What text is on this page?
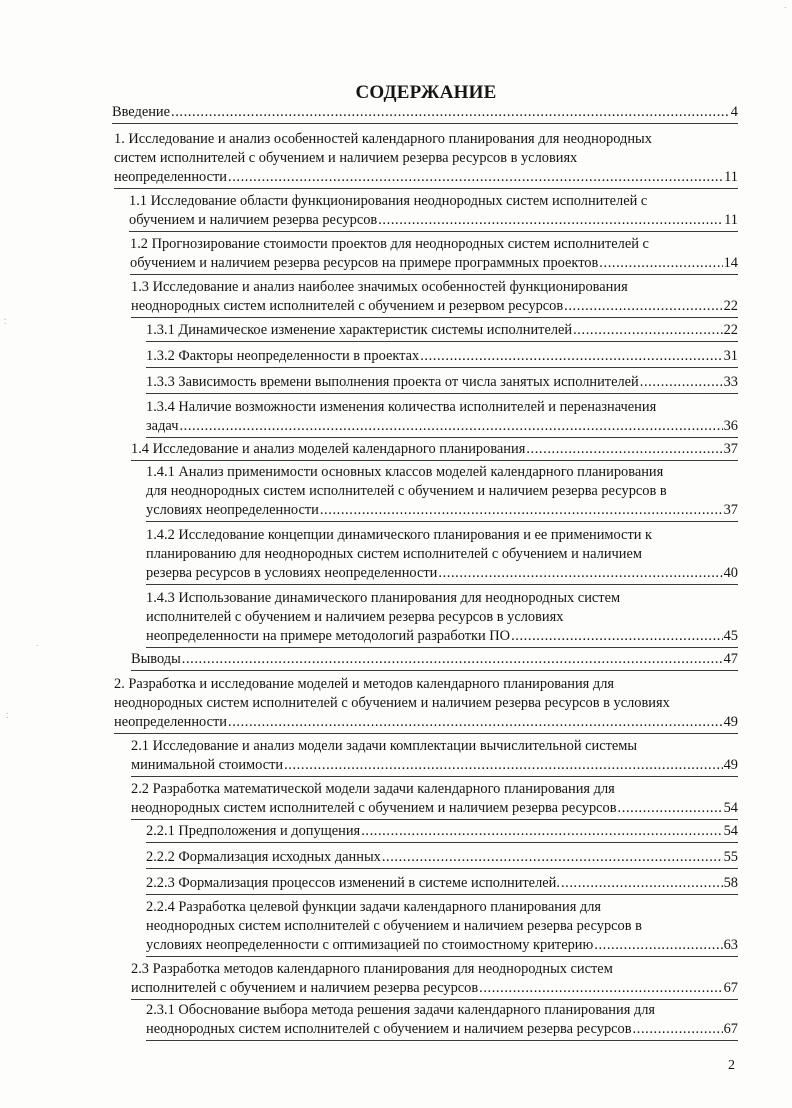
СОДЕРЖАНИЕ
Введение .....	4
1. Исследование и анализ особенностей календарного планирования для неоднородных
систем исполнителей с обучением и наличием резерва ресурсов в условиях
неопределенности .....	11
1.1 Исследование области функционирования неоднородных систем исполнителей с
обучением и наличием резерва ресурсов .....	11
1.2 Прогнозирование стоимости проектов для неоднородных систем исполнителей с
обучением и наличием резерва ресурсов на примере программных проектов .....	14
1.3 Исследование и анализ наиболее значимых особенностей функционирования
неоднородных систем исполнителей с обучением и резервом ресурсов .....	22
1.3.1 Динамическое изменение характеристик системы исполнителей .....	22
1.3.2 Факторы неопределенности в проектах .....	31
1.3.3 Зависимость времени выполнения проекта от числа занятых исполнителей .....	33
1.3.4 Наличие возможности изменения количества исполнителей и переназначения
задач .....	36
1.4 Исследование и анализ моделей календарного планирования .....	37
1.4.1 Анализ применимости основных классов моделей календарного планирования
для неоднородных систем исполнителей с обучением и наличием резерва ресурсов в
условиях неопределенности .....	37
1.4.2 Исследование концепции динамического планирования и ее применимости к
планированию для неоднородных систем исполнителей с обучением и наличием
резерва ресурсов в условиях неопределенности .....	40
1.4.3 Использование динамического планирования для неоднородных систем
исполнителей с обучением и наличием резерва ресурсов в условиях
неопределенности на примере методологий разработки ПО .....	45
Выводы .....	47
2. Разработка и исследование моделей и методов календарного планирования для
неоднородных систем исполнителей с обучением и наличием резерва ресурсов в условиях
неопределенности .....	49
2.1 Исследование и анализ модели задачи комплектации вычислительной системы
минимальной стоимости .....	49
2.2 Разработка математической модели задачи календарного планирования для
неоднородных систем исполнителей с обучением и наличием резерва ресурсов .....	54
2.2.1 Предположения и допущения .....	54
2.2.2 Формализация исходных данных .....	55
2.2.3 Формализация процессов изменений в системе исполнителей. .....	58
2.2.4 Разработка целевой функции задачи календарного планирования для
неоднородных систем исполнителей с обучением и наличием резерва ресурсов в
условиях неопределенности с оптимизацией по стоимостному критерию .....	63
2.3 Разработка методов календарного планирования для неоднородных систем
исполнителей с обучением и наличием резерва ресурсов .....	67
2.3.1 Обоснование выбора метода решения задачи календарного планирования для
неоднородных систем исполнителей с обучением и наличием резерва ресурсов .....	67
2
⁚
·
⁚
·
